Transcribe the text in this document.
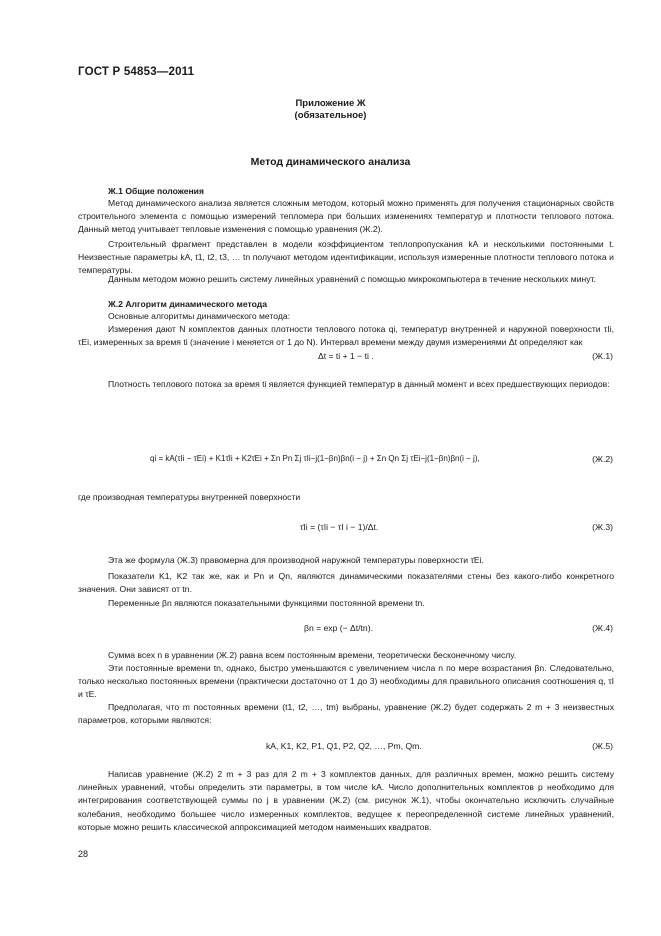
ГОСТ Р 54853—2011
Приложение Ж
(обязательное)
Метод динамического анализа
Ж.1 Общие положения
Метод динамического анализа является сложным методом, который можно применять для получения стационарных свойств строительного элемента с помощью измерений тепломера при больших изменениях температур и плотности теплового потока. Данный метод учитывает тепловые изменения с помощью уравнения (Ж.2).
Строительный фрагмент представлен в модели коэффициентом теплопропускания kA и несколькими постоянными t. Неизвестные параметры kA, t1, t2, t3, … tn получают методом идентификации, используя измеренные плотности теплового потока и температуры.
Данным методом можно решить систему линейных уравнений с помощью микрокомпьютера в течение нескольких минут.
Ж.2 Алгоритм динамического метода
Основные алгоритмы динамического метода:
Измерения дают N комплектов данных плотности теплового потока qi, температур внутренней и наружной поверхности τIi, τEi, измеренных за время ti (значение i меняется от 1 до N). Интервал времени между двумя измерениями Δt определяют как
Δt = ti + 1 − ti .	(Ж.1)
Плотность теплового потока за время ti является функцией температур в данный момент и всех предшествующих периодов:
qi = kA(τIi − τEi) + K1τ̇Ii + K2τ̇Ei + Σn Pn Σj τIi−j(1−βn)βn(i − j) + Σn Qn Σj τEi−j(1−βn)βn(i − j),	(Ж.2)
где производная температуры внутренней поверхности
τ̇Ii = (τIi − τI i − 1)/Δt.	(Ж.3)
Эта же формула (Ж.3) правомерна для производной наружной температуры поверхности τ̇Ei.
Показатели K1, K2 так же, как и Pn и Qn, являются динамическими показателями стены без какого-либо конкретного значения. Они зависят от tn.
Переменные βn являются показательными функциями постоянной времени tn.
βn = exp (− Δt/tn).	(Ж.4)
Сумма всех n в уравнении (Ж.2) равна всем постоянным времени, теоретически бесконечному числу.
Эти постоянные времени tn, однако, быстро уменьшаются с увеличением числа n по мере возрастания βn. Следовательно, только несколько постоянных времени (практически достаточно от 1 до 3) необходимы для правильного описания соотношения q, τI и τE.
Предполагая, что m постоянных времени (t1, t2, …, tm) выбраны, уравнение (Ж.2) будет содержать 2 m + 3 неизвестных параметров, которыми являются:
kA, K1, K2, P1, Q1, P2, Q2, …, Pm, Qm.	(Ж.5)
Написав уравнение (Ж.2) 2 m + 3 раз для 2 m + 3 комплектов данных, для различных времен, можно решить систему линейных уравнений, чтобы определить эти параметры, в том числе kA. Число дополнительных комплектов p необходимо для интегрирования соответствующей суммы по j в уравнении (Ж.2) (см. рисунок Ж.1), чтобы окончательно исключить случайные колебания, необходимо большее число измеренных комплектов, ведущее к переопределенной системе линейных уравнений, которые можно решить классической аппроксимацией методом наименьших квадратов.
28
